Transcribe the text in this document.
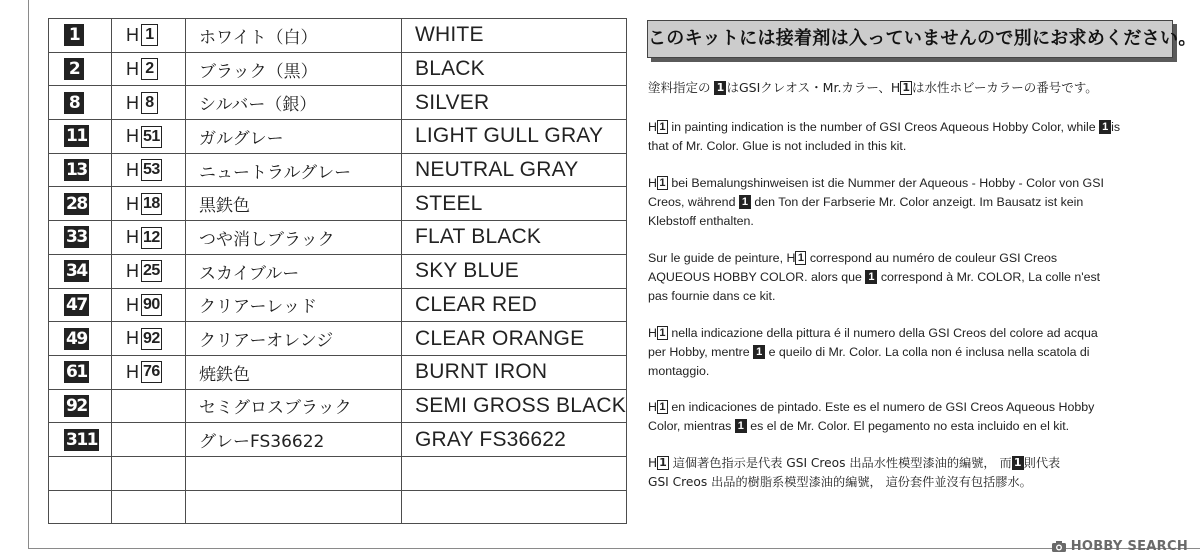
1	H 1	ホワイト（白）	WHITE
2	H 2	ブラック（黒）	BLACK
8	H 8	シルバー（銀）	SILVER
11	H 51	ガルグレー	LIGHT GULL GRAY
13	H 53	ニュートラルグレー	NEUTRAL GRAY
28	H 18	黒鉄色	STEEL
33	H 12	つや消しブラック	FLAT BLACK
34	H 25	スカイブルー	SKY BLUE
47	H 90	クリアーレッド	CLEAR RED
49	H 92	クリアーオレンジ	CLEAR ORANGE
61	H 76	焼鉄色	BURNT IRON
92		セミグロスブラック	SEMI GROSS BLACK
311		グレーFS36622	GRAY FS36622

このキットには接着剤は入っていませんので別にお求めください。
塗料指定の 1 はGSIクレオス・Mr.カラー、H 1 は水性ホビーカラーの番号です。
H 1 in painting indication is the number of GSI Creos Aqueous Hobby Color, while 1 is
that of Mr. Color. Glue is not included in this kit.
H 1 bei Bemalungshinweisen ist die Nummer der Aqueous - Hobby - Color von GSI
Creos, während 1 den Ton der Farbserie Mr. Color anzeigt. Im Bausatz ist kein
Klebstoff enthalten.
Sur le guide de peinture, H 1 correspond au numéro de couleur GSI Creos
AQUEOUS HOBBY COLOR. alors que 1 correspond à Mr. COLOR, La colle n'est
pas fournie dans ce kit.
H 1 nella indicazione della pittura é il numero della GSI Creos del colore ad acqua
per Hobby, mentre 1 e queilo di Mr. Color. La colla non é inclusa nella scatola di
montaggio.
H 1 en indicaciones de pintado. Este es el numero de GSI Creos Aqueous Hobby
Color, mientras 1 es el de Mr. Color. El pegamento no esta incluido en el kit.
H 1 這個著色指示是代表 GSI Creos 出品水性模型漆油的編號， 而 1 則代表
GSI Creos 出品的樹脂系模型漆油的編號， 這份套件並沒有包括膠水。
HOBBY SEARCH
